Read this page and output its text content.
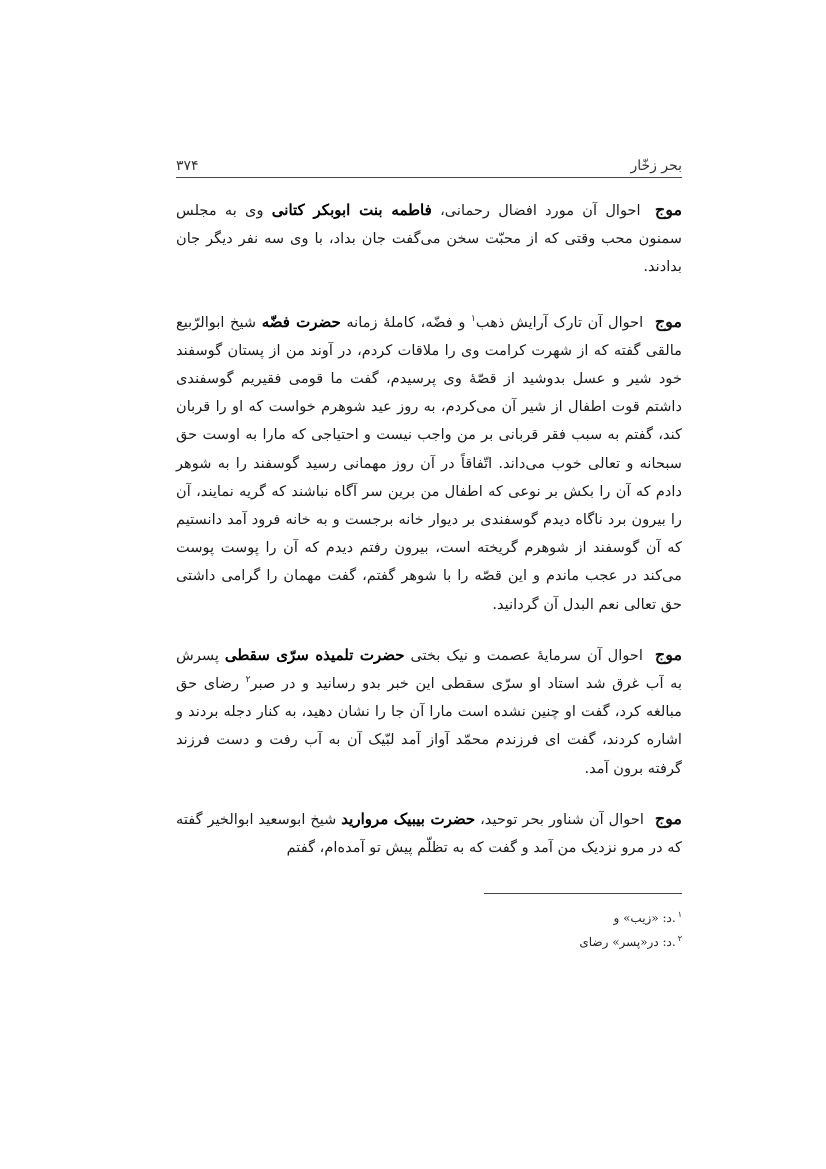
بحر زخّار
۳۷۴

موج احوال آن مورد افضال رحمانی، فاطمه بنت ابوبکر کتانی وی به مجلس سمنون محب وقتی که از محبّت سخن می‌گفت جان بداد، با وی سه نفر دیگر جان بدادند.

موج احوال آن تارک آرایش ذهب$^۱$ و فضّه، کاملهٔ زمانه حضرت فضّه شیخ ابوالرّبیع مالقی گفته که از شهرت کرامت وی را ملاقات کردم، در آوند من از پستان گوسفند خود شیر و عسل بدوشید از قصّهٔ وی پرسیدم، گفت ما قومی فقیریم گوسفندی داشتم قوت اطفال از شیر آن می‌کردم، به روز عید شوهرم خواست که او را قربان کند، گفتم به سبب فقر قربانی بر من واجب نیست و احتیاجی که مارا به اوست حق سبحانه و تعالی خوب می‌داند. اتّفاقاً در آن روز مهمانی رسید گوسفند را به شوهر دادم که آن را بکش بر نوعی که اطفال من برین سر آگاه نباشند که گریه نمایند، آن را بیرون برد ناگاه دیدم گوسفندی بر دیوار خانه برجست و به خانه فرود آمد دانستیم که آن گوسفند از شوهرم گریخته است، بیرون رفتم دیدم که آن را پوست پوست می‌کند در عجب ماندم و این قصّه را با شوهر گفتم، گفت مهمان را گرامی داشتی حق تعالی نعم البدل آن گردانید.

موج احوال آن سرمایهٔ عصمت و نیک بختی حضرت تلمیذه سرّی سقطی پسرش به آب غرق شد استاد او سرّی سقطی این خبر بدو رسانید و در صبر$^۲$ رضای حق مبالغه کرد، گفت او چنین نشده است مارا آن جا را نشان دهید، به کنار دجله بردند و اشاره کردند، گفت ای فرزندم محمّد آواز آمد لبّیک آن به آب رفت و دست فرزند گرفته برون آمد.

موج احوال آن شناور بحر توحید، حضرت بیبیک مروارید شیخ ابوسعید ابوالخیر گفته که در مرو نزدیک من آمد و گفت که به تظلّم پیش تو آمده‌ام، گفتم

$^۱$.د: «زیب» و
$^۲$.د: در«پسر» رضای
